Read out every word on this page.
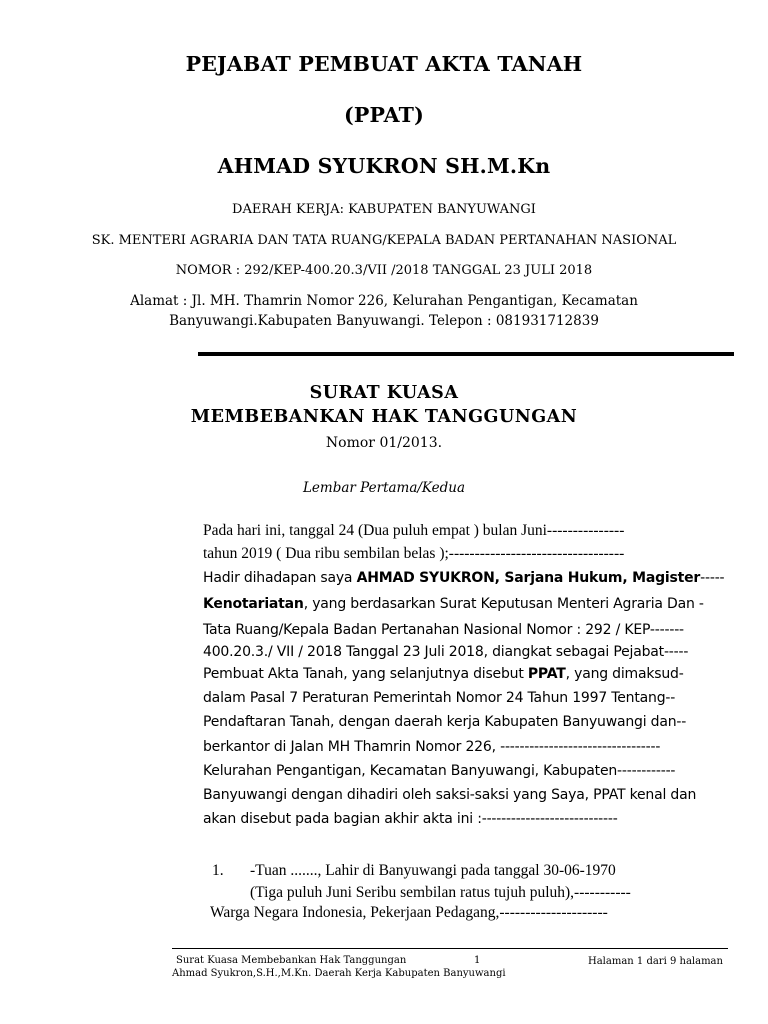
PEJABAT PEMBUAT AKTA TANAH
(PPAT)
AHMAD SYUKRON SH.M.Kn
DAERAH KERJA: KABUPATEN BANYUWANGI
SK. MENTERI AGRARIA DAN TATA RUANG/KEPALA BADAN PERTANAHAN NASIONAL
NOMOR : 292/KEP-400.20.3/VII /2018 TANGGAL 23 JULI 2018
Alamat : Jl. MH. Thamrin Nomor 226, Kelurahan Pengantigan, Kecamatan
Banyuwangi.Kabupaten Banyuwangi. Telepon : 081931712839
SURAT KUASA
MEMBEBANKAN HAK TANGGUNGAN
Nomor 01/2013.
Lembar Pertama/Kedua
Pada hari ini, tanggal 24 (Dua puluh empat ) bulan Juni---------------
tahun 2019 ( Dua ribu sembilan belas );----------------------------------
Hadir dihadapan saya AHMAD SYUKRON, Sarjana Hukum, Magister-----
Kenotariatan, yang berdasarkan Surat Keputusan Menteri Agraria Dan -
Tata Ruang/Kepala Badan Pertanahan Nasional Nomor : 292 / KEP-------
400.20.3./ VII / 2018 Tanggal 23 Juli 2018, diangkat sebagai Pejabat-----
Pembuat Akta Tanah, yang selanjutnya disebut PPAT, yang dimaksud-
dalam Pasal 7 Peraturan Pemerintah Nomor 24 Tahun 1997 Tentang--
Pendaftaran Tanah, dengan daerah kerja Kabupaten Banyuwangi dan--
berkantor di Jalan MH Thamrin Nomor 226, ---------------------------------
Kelurahan Pengantigan, Kecamatan Banyuwangi, Kabupaten------------
Banyuwangi dengan dihadiri oleh saksi-saksi yang Saya, PPAT kenal dan
akan disebut pada bagian akhir akta ini :----------------------------
1. -Tuan ......., Lahir di Banyuwangi pada tanggal 30-06-1970
(Tiga puluh Juni Seribu sembilan ratus tujuh puluh),-----------
Warga Negara Indonesia, Pekerjaan Pedagang,---------------------
Surat Kuasa Membebankan Hak Tanggungan	1	Halaman 1 dari 9 halaman
Ahmad Syukron,S.H.,M.Kn. Daerah Kerja Kabupaten Banyuwangi
